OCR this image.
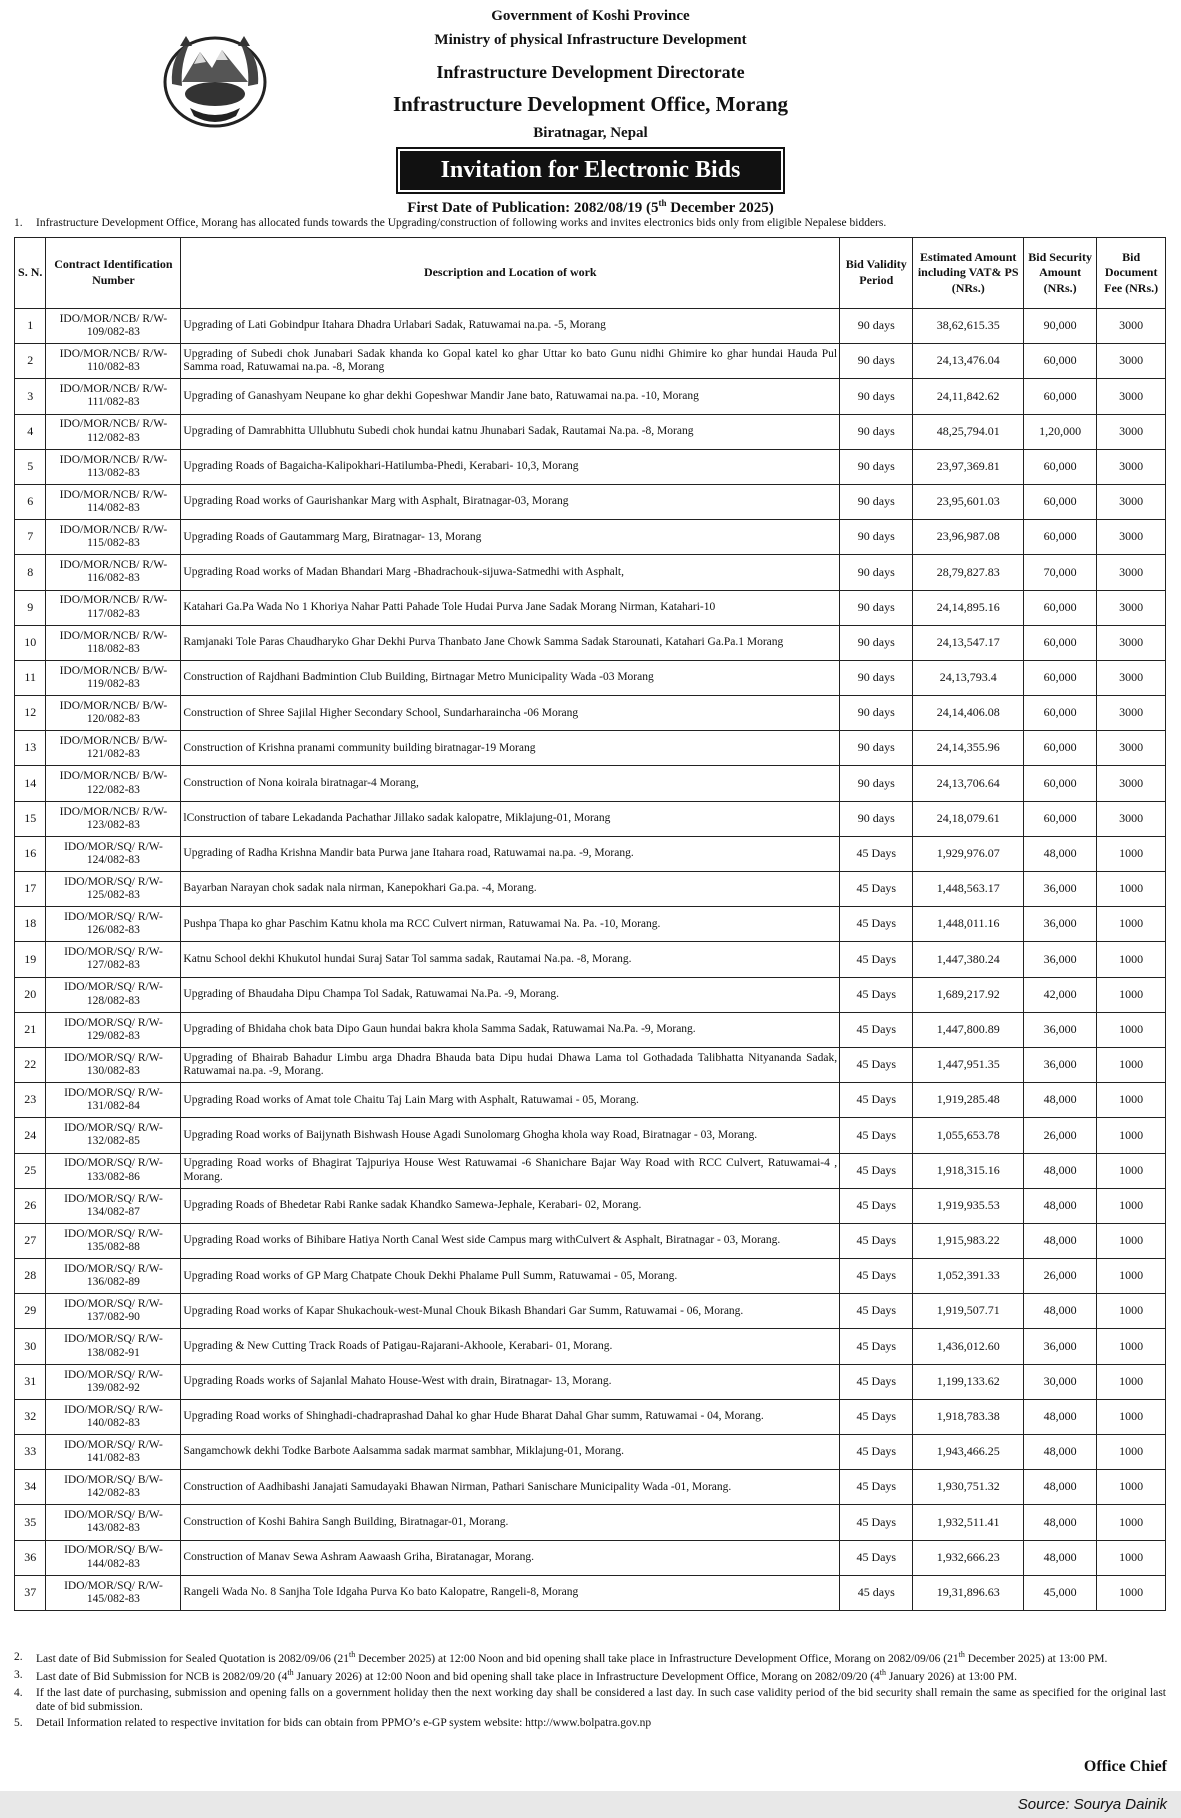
Government of Koshi Province
Ministry of physical Infrastructure Development
Infrastructure Development Directorate
Infrastructure Development Office, Morang
Biratnagar, Nepal
Invitation for Electronic Bids
First Date of Publication: 2082/08/19 (5th December 2025)
1. Infrastructure Development Office, Morang has allocated funds towards the Upgrading/construction of following works and invites electronics bids only from eligible Nepalese bidders.
S. N.	Contract Identification Number	Description and Location of work	Bid Validity Period	Estimated Amount including VAT& PS (NRs.)	Bid Security Amount (NRs.)	Bid Document Fee (NRs.)
1	IDO/MOR/NCB/ R/W-109/082-83	Upgrading of Lati Gobindpur Itahara Dhadra Urlabari Sadak, Ratuwamai na.pa. -5, Morang	90 days	38,62,615.35	90,000	3000
2	IDO/MOR/NCB/ R/W-110/082-83	Upgrading of Subedi chok Junabari Sadak khanda ko Gopal katel ko ghar Uttar ko bato Gunu nidhi Ghimire ko ghar hundai Hauda Pul Samma road, Ratuwamai na.pa. -8, Morang	90 days	24,13,476.04	60,000	3000
3	IDO/MOR/NCB/ R/W-111/082-83	Upgrading of Ganashyam Neupane ko ghar dekhi Gopeshwar Mandir Jane bato, Ratuwamai na.pa. -10, Morang	90 days	24,11,842.62	60,000	3000
4	IDO/MOR/NCB/ R/W-112/082-83	Upgrading of Damrabhitta Ullubhutu Subedi chok hundai katnu Jhunabari Sadak, Rautamai Na.pa. -8, Morang	90 days	48,25,794.01	1,20,000	3000
5	IDO/MOR/NCB/ R/W-113/082-83	Upgrading Roads of Bagaicha-Kalipokhari-Hatilumba-Phedi, Kerabari- 10,3, Morang	90 days	23,97,369.81	60,000	3000
6	IDO/MOR/NCB/ R/W-114/082-83	Upgrading Road works of Gaurishankar Marg with Asphalt, Biratnagar-03, Morang	90 days	23,95,601.03	60,000	3000
7	IDO/MOR/NCB/ R/W-115/082-83	Upgrading Roads of Gautammarg Marg, Biratnagar- 13, Morang	90 days	23,96,987.08	60,000	3000
8	IDO/MOR/NCB/ R/W-116/082-83	Upgrading Road works of Madan Bhandari Marg -Bhadrachouk-sijuwa-Satmedhi with Asphalt,	90 days	28,79,827.83	70,000	3000
9	IDO/MOR/NCB/ R/W-117/082-83	Katahari Ga.Pa Wada No 1 Khoriya Nahar Patti Pahade Tole Hudai Purva Jane Sadak Morang Nirman, Katahari-10	90 days	24,14,895.16	60,000	3000
10	IDO/MOR/NCB/ R/W-118/082-83	Ramjanaki Tole Paras Chaudharyko Ghar Dekhi Purva Thanbato Jane Chowk Samma Sadak Starounati, Katahari Ga.Pa.1 Morang	90 days	24,13,547.17	60,000	3000
11	IDO/MOR/NCB/ B/W-119/082-83	Construction of Rajdhani Badmintion Club Building, Birtnagar Metro Municipality Wada -03 Morang	90 days	24,13,793.4	60,000	3000
12	IDO/MOR/NCB/ B/W-120/082-83	Construction of Shree Sajilal Higher Secondary School, Sundarharaincha -06 Morang	90 days	24,14,406.08	60,000	3000
13	IDO/MOR/NCB/ B/W-121/082-83	Construction of Krishna pranami community building biratnagar-19 Morang	90 days	24,14,355.96	60,000	3000
14	IDO/MOR/NCB/ B/W-122/082-83	Construction of Nona koirala biratnagar-4 Morang,	90 days	24,13,706.64	60,000	3000
15	IDO/MOR/NCB/ R/W-123/082-83	lConstruction of tabare Lekadanda Pachathar Jillako sadak kalopatre, Miklajung-01, Morang	90 days	24,18,079.61	60,000	3000
16	IDO/MOR/SQ/ R/W-124/082-83	Upgrading of Radha Krishna Mandir bata Purwa jane Itahara road, Ratuwamai na.pa. -9, Morang.	45 Days	1,929,976.07	48,000	1000
17	IDO/MOR/SQ/ R/W-125/082-83	Bayarban Narayan chok sadak nala nirman, Kanepokhari Ga.pa. -4, Morang.	45 Days	1,448,563.17	36,000	1000
18	IDO/MOR/SQ/ R/W-126/082-83	Pushpa Thapa ko ghar Paschim Katnu khola ma RCC Culvert nirman, Ratuwamai Na. Pa. -10, Morang.	45 Days	1,448,011.16	36,000	1000
19	IDO/MOR/SQ/ R/W-127/082-83	Katnu School dekhi Khukutol hundai Suraj Satar Tol samma sadak, Rautamai Na.pa. -8, Morang.	45 Days	1,447,380.24	36,000	1000
20	IDO/MOR/SQ/ R/W-128/082-83	Upgrading of Bhaudaha Dipu Champa Tol Sadak, Ratuwamai Na.Pa. -9, Morang.	45 Days	1,689,217.92	42,000	1000
21	IDO/MOR/SQ/ R/W-129/082-83	Upgrading of Bhidaha chok bata Dipo Gaun hundai bakra khola Samma Sadak, Ratuwamai Na.Pa. -9, Morang.	45 Days	1,447,800.89	36,000	1000
22	IDO/MOR/SQ/ R/W-130/082-83	Upgrading of Bhairab Bahadur Limbu arga Dhadra Bhauda bata Dipu hudai Dhawa Lama tol Gothadada Talibhatta Nityananda Sadak, Ratuwamai na.pa. -9, Morang.	45 Days	1,447,951.35	36,000	1000
23	IDO/MOR/SQ/ R/W-131/082-84	Upgrading Road works of Amat tole Chaitu Taj Lain Marg with Asphalt, Ratuwamai - 05, Morang.	45 Days	1,919,285.48	48,000	1000
24	IDO/MOR/SQ/ R/W-132/082-85	Upgrading Road works of Baijynath Bishwash House Agadi Sunolomarg Ghogha khola way Road, Biratnagar - 03, Morang.	45 Days	1,055,653.78	26,000	1000
25	IDO/MOR/SQ/ R/W-133/082-86	Upgrading Road works of Bhagirat Tajpuriya House West Ratuwamai -6 Shanichare Bajar Way Road with RCC Culvert, Ratuwamai-4 , Morang.	45 Days	1,918,315.16	48,000	1000
26	IDO/MOR/SQ/ R/W-134/082-87	Upgrading Roads of Bhedetar Rabi Ranke sadak Khandko Samewa-Jephale, Kerabari- 02, Morang.	45 Days	1,919,935.53	48,000	1000
27	IDO/MOR/SQ/ R/W-135/082-88	Upgrading Road works of Bihibare Hatiya North Canal West side Campus marg withCulvert & Asphalt, Biratnagar - 03, Morang.	45 Days	1,915,983.22	48,000	1000
28	IDO/MOR/SQ/ R/W-136/082-89	Upgrading Road works of GP Marg Chatpate Chouk Dekhi Phalame Pull Summ, Ratuwamai - 05, Morang.	45 Days	1,052,391.33	26,000	1000
29	IDO/MOR/SQ/ R/W-137/082-90	Upgrading Road works of Kapar Shukachouk-west-Munal Chouk Bikash Bhandari Gar Summ, Ratuwamai - 06, Morang.	45 Days	1,919,507.71	48,000	1000
30	IDO/MOR/SQ/ R/W-138/082-91	Upgrading & New Cutting Track Roads of Patigau-Rajarani-Akhoole, Kerabari- 01, Morang.	45 Days	1,436,012.60	36,000	1000
31	IDO/MOR/SQ/ R/W-139/082-92	Upgrading Roads works of Sajanlal Mahato House-West with drain, Biratnagar- 13, Morang.	45 Days	1,199,133.62	30,000	1000
32	IDO/MOR/SQ/ R/W-140/082-83	Upgrading Road works of Shinghadi-chadraprashad Dahal ko ghar Hude Bharat Dahal Ghar summ, Ratuwamai - 04, Morang.	45 Days	1,918,783.38	48,000	1000
33	IDO/MOR/SQ/ R/W-141/082-83	Sangamchowk dekhi Todke Barbote Aalsamma sadak marmat sambhar, Miklajung-01, Morang.	45 Days	1,943,466.25	48,000	1000
34	IDO/MOR/SQ/ B/W-142/082-83	Construction of Aadhibashi Janajati Samudayaki Bhawan Nirman, Pathari Sanischare Municipality Wada -01, Morang.	45 Days	1,930,751.32	48,000	1000
35	IDO/MOR/SQ/ B/W-143/082-83	Construction of Koshi Bahira Sangh Building, Biratnagar-01, Morang.	45 Days	1,932,511.41	48,000	1000
36	IDO/MOR/SQ/ B/W-144/082-83	Construction of Manav Sewa Ashram Aawaash Griha, Biratanagar, Morang.	45 Days	1,932,666.23	48,000	1000
37	IDO/MOR/SQ/ R/W-145/082-83	Rangeli Wada No. 8 Sanjha Tole Idgaha Purva Ko bato Kalopatre, Rangeli-8, Morang	45 days	19,31,896.63	45,000	1000
2.	Last date of Bid Submission for Sealed Quotation is 2082/09/06 (21th December 2025) at 12:00 Noon and bid opening shall take place in Infrastructure Development Office, Morang on 2082/09/06 (21th December 2025) at 13:00 PM.
3.	Last date of Bid Submission for NCB is 2082/09/20 (4th January 2026) at 12:00 Noon and bid opening shall take place in Infrastructure Development Office, Morang on 2082/09/20 (4th January 2026) at 13:00 PM.
4.	If the last date of purchasing, submission and opening falls on a government holiday then the next working day shall be considered a last day. In such case validity period of the bid security shall remain the same as specified for the original last date of bid submission.
5.	Detail Information related to respective invitation for bids can obtain from PPMO’s e-GP system website: http://www.bolpatra.gov.np
Office Chief
Source: Sourya Dainik
